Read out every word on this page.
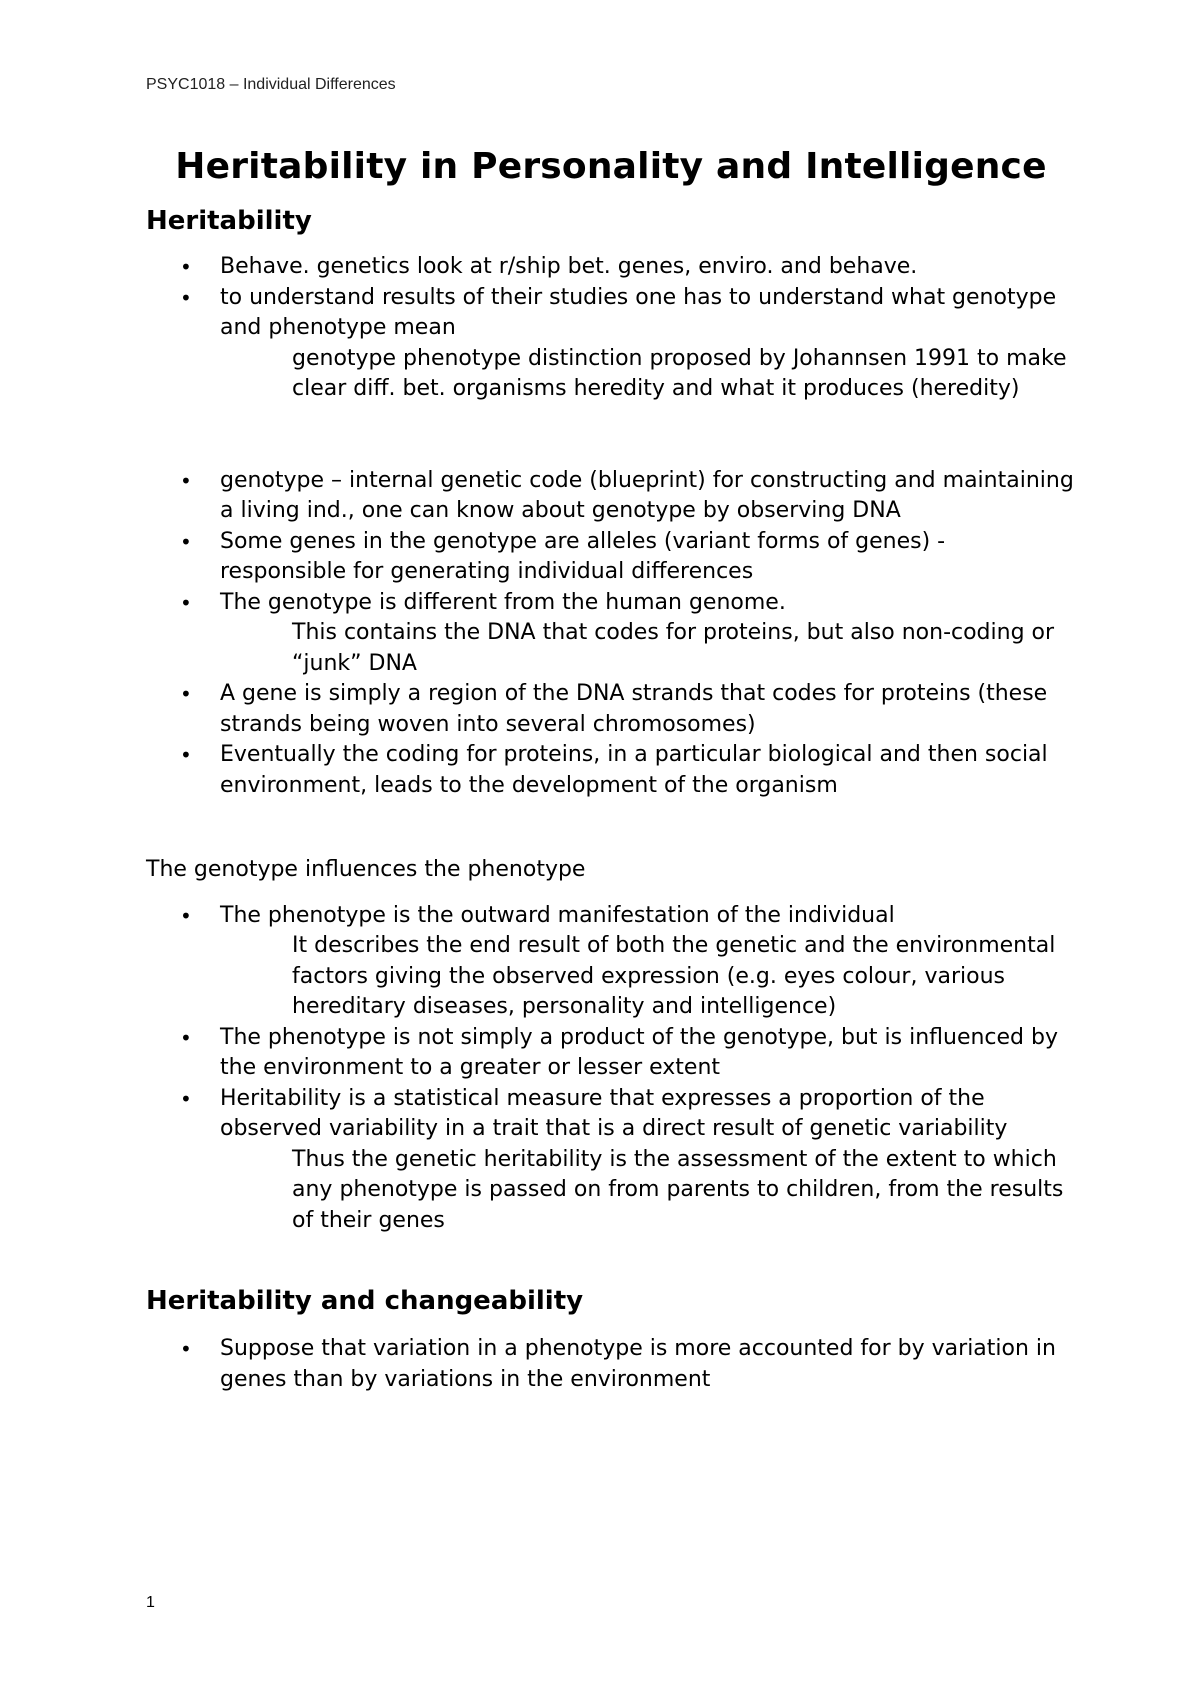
PSYC1018 – Individual Differences
Heritability in Personality and Intelligence
Heritability
• Behave. genetics look at r/ship bet. genes, enviro. and behave.
• to understand results of their studies one has to understand what genotype and phenotype mean

genotype phenotype distinction proposed by Johannsen 1991 to make clear diff. bet. organisms heredity and what it produces (heredity)

• genotype – internal genetic code (blueprint) for constructing and maintaining a living ind., one can know about genotype by observing DNA
• Some genes in the genotype are alleles (variant forms of genes) - responsible for generating individual differences
• The genotype is different from the human genome.

This contains the DNA that codes for proteins, but also non-coding or “junk” DNA

• A gene is simply a region of the DNA strands that codes for proteins (these strands being woven into several chromosomes)
• Eventually the coding for proteins, in a particular biological and then social environment, leads to the development of the organism

The genotype influences the phenotype

• The phenotype is the outward manifestation of the individual

It describes the end result of both the genetic and the environmental factors giving the observed expression (e.g. eyes colour, various hereditary diseases, personality and intelligence)

• The phenotype is not simply a product of the genotype, but is influenced by the environment to a greater or lesser extent
• Heritability is a statistical measure that expresses a proportion of the observed variability in a trait that is a direct result of genetic variability

Thus the genetic heritability is the assessment of the extent to which any phenotype is passed on from parents to children, from the results of their genes

Heritability and changeability
• Suppose that variation in a phenotype is more accounted for by variation in genes than by variations in the environment
1
